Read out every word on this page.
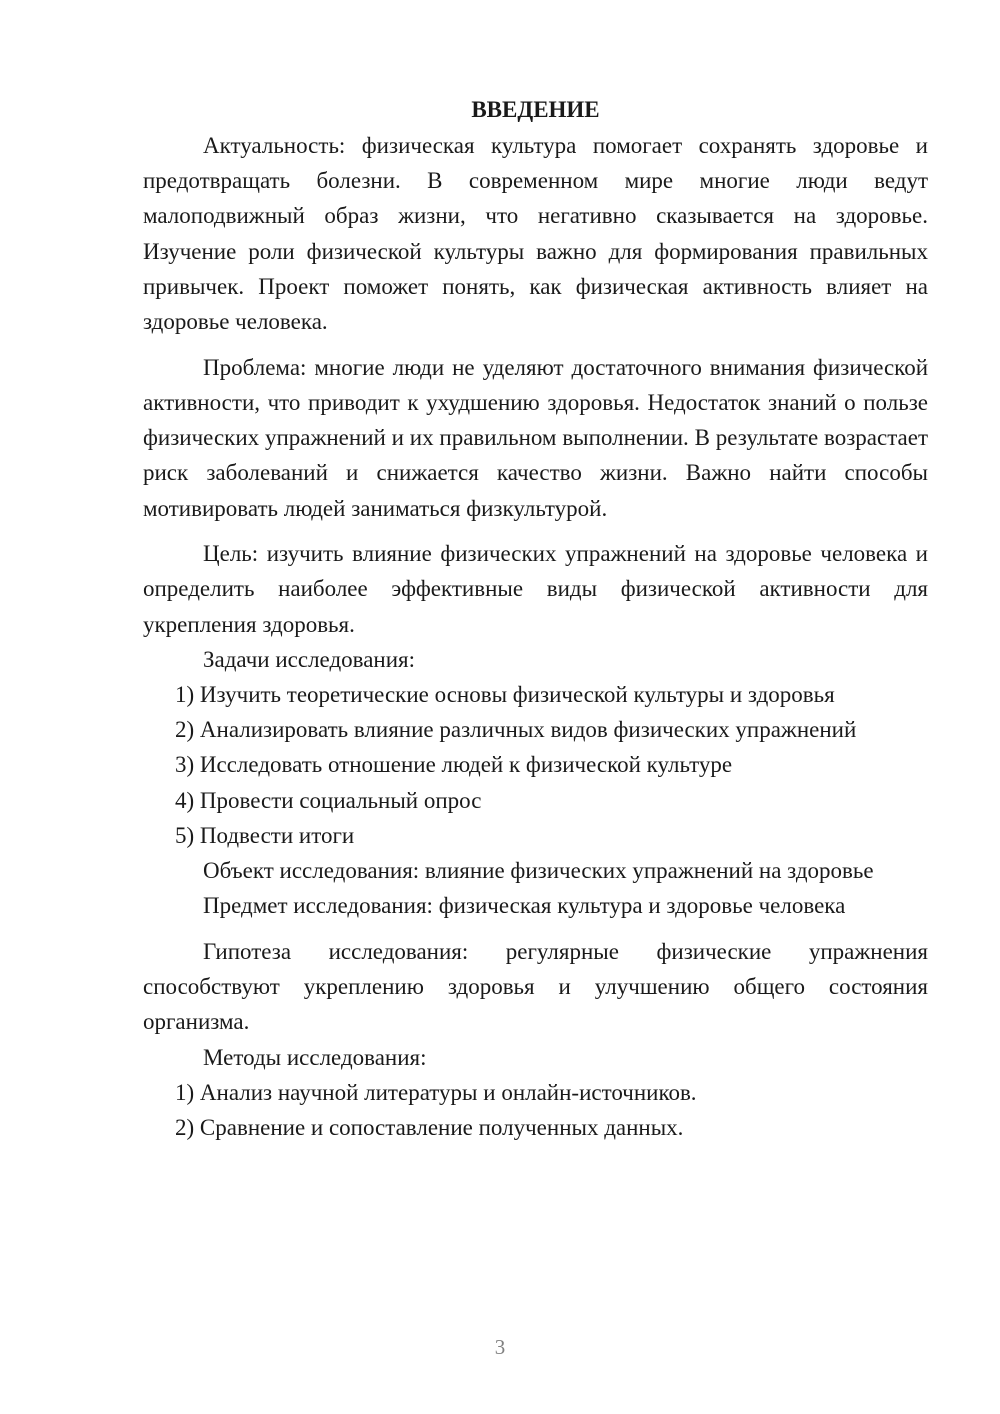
ВВЕДЕНИЕ

Актуальность: физическая культура помогает сохранять здоровье и предотвращать болезни. В современном мире многие люди ведут малоподвижный образ жизни, что негативно сказывается на здоровье. Изучение роли физической культуры важно для формирования правильных привычек. Проект поможет понять, как физическая активность влияет на здоровье человека.

Проблема: многие люди не уделяют достаточного внимания физической активности, что приводит к ухудшению здоровья. Недостаток знаний о пользе физических упражнений и их правильном выполнении. В результате возрастает риск заболеваний и снижается качество жизни. Важно найти способы мотивировать людей заниматься физкультурой.

Цель: изучить влияние физических упражнений на здоровье человека и определить наиболее эффективные виды физической активности для укрепления здоровья.

Задачи исследования:

1) Изучить теоретические основы физической культуры и здоровья

2) Анализировать влияние различных видов физических упражнений

3) Исследовать отношение людей к физической культуре

4) Провести социальный опрос

5) Подвести итоги

Объект исследования: влияние физических упражнений на здоровье

Предмет исследования: физическая культура и здоровье человека

Гипотеза исследования: регулярные физические упражнения способствуют укреплению здоровья и улучшению общего состояния организма.

Методы исследования:

1) Анализ научной литературы и онлайн-источников.

2) Сравнение и сопоставление полученных данных.

3
